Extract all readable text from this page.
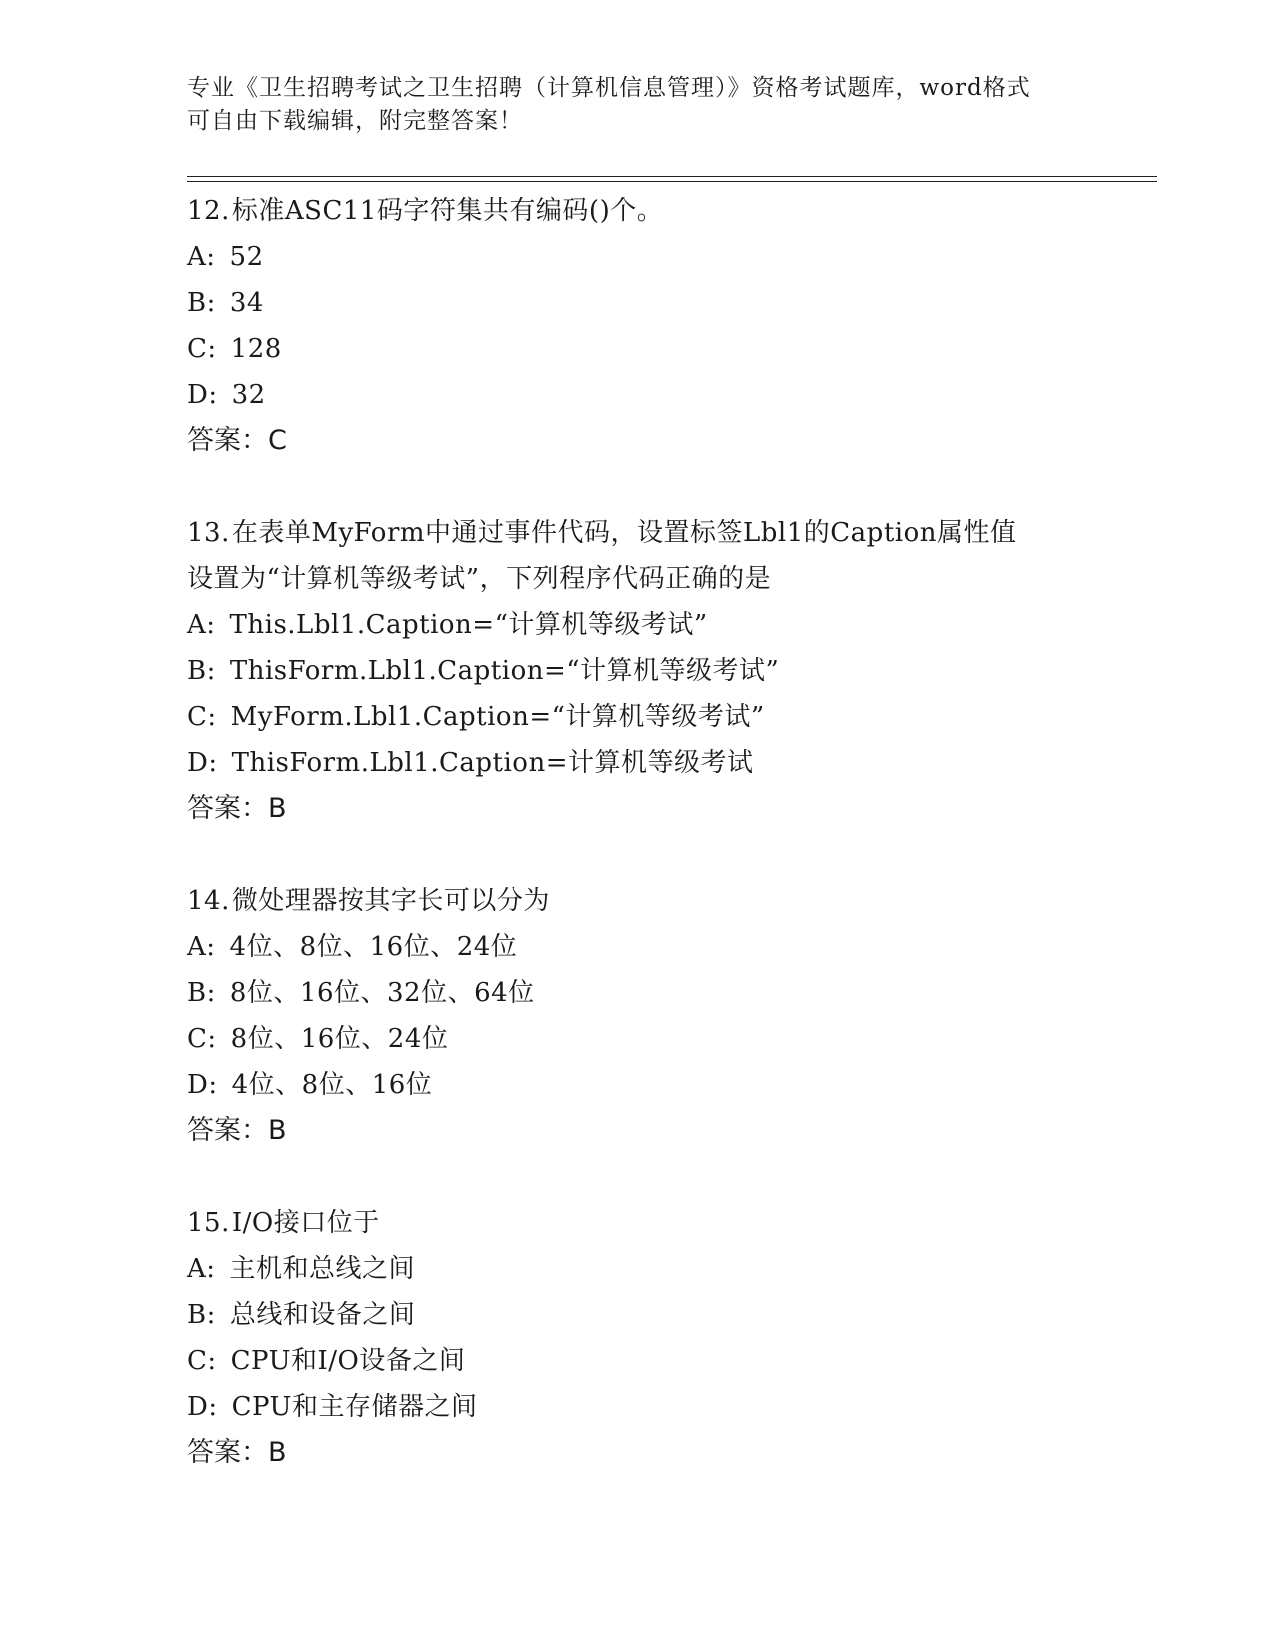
专业《卫生招聘考试之卫生招聘（计算机信息管理）》资格考试题库，word格式
可自由下载编辑，附完整答案！
12.标准ASC11码字符集共有编码()个。
A: 52
B: 34
C: 128
D: 32
答案：C
13.在表单MyForm中通过事件代码，设置标签Lbl1的Caption属性值
设置为“计算机等级考试”，下列程序代码正确的是
A: This.Lbl1.Caption=“计算机等级考试”
B: ThisForm.Lbl1.Caption=“计算机等级考试”
C: MyForm.Lbl1.Caption=“计算机等级考试”
D: ThisForm.Lbl1.Caption=计算机等级考试
答案：B
14.微处理器按其字长可以分为
A: 4位、8位、16位、24位
B: 8位、16位、32位、64位
C: 8位、16位、24位
D: 4位、8位、16位
答案：B
15.I/O接口位于
A: 主机和总线之间
B: 总线和设备之间
C: CPU和I/O设备之间
D: CPU和主存储器之间
答案：B
